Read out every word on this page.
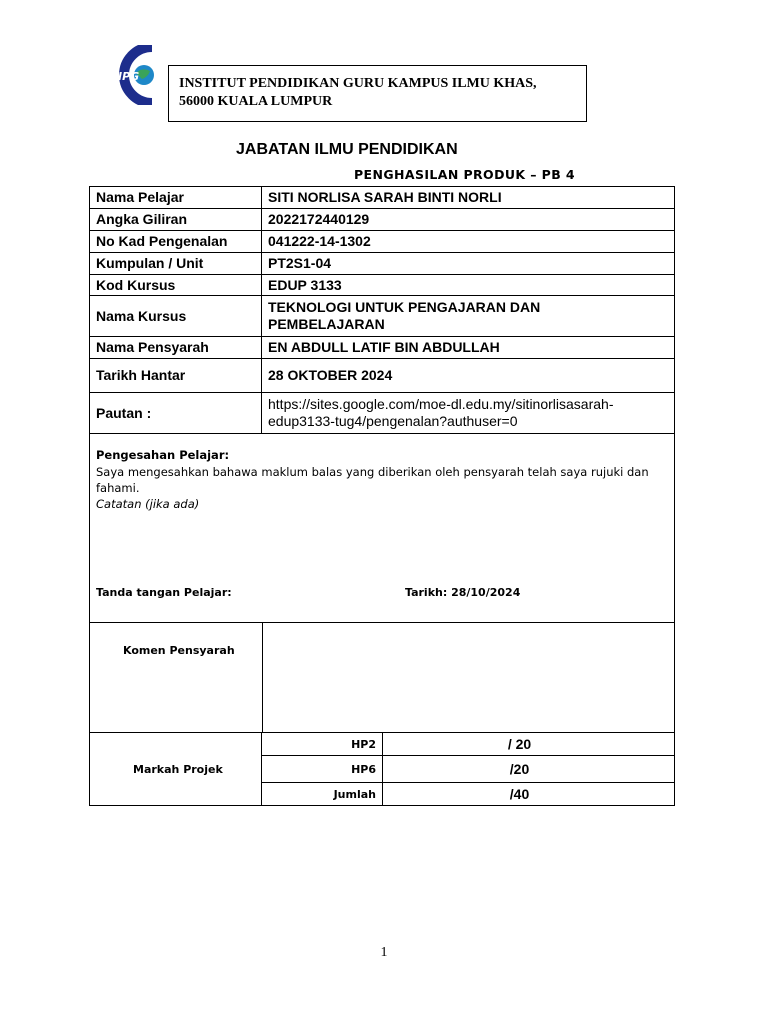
IPG	INSTITUT PENDIDIKAN GURU KAMPUS ILMU KHAS,
56000 KUALA LUMPUR
JABATAN ILMU PENDIDIKAN
PENGHASILAN PRODUK – PB 4
Nama Pelajar	SITI NORLISA SARAH BINTI NORLI
Angka Giliran	2022172440129
No Kad Pengenalan	041222-14-1302
Kumpulan / Unit	PT2S1-04
Kod Kursus	EDUP 3133
Nama Kursus	TEKNOLOGI UNTUK PENGAJARAN DAN
PEMBELAJARAN

Nama Pensyarah	EN ABDULL LATIF BIN ABDULLAH
Tarikh Hantar	28 OKTOBER 2024
Pautan :	https://sites.google.com/moe-dl.edu.my/sitinorlisasarah-
edup3133-tug4/pengenalan?authuser=0
Pengesahan Pelajar:
Saya mengesahkan bahawa maklum balas yang diberikan oleh pensyarah telah saya rujuki dan fahami.
Catatan (jika ada)
Tanda tangan Pelajar:	Tarikh: 28/10/2024
Komen Pensyarah
Markah Projek	HP2	/ 20
	HP6	/20
	Jumlah	/40
1
